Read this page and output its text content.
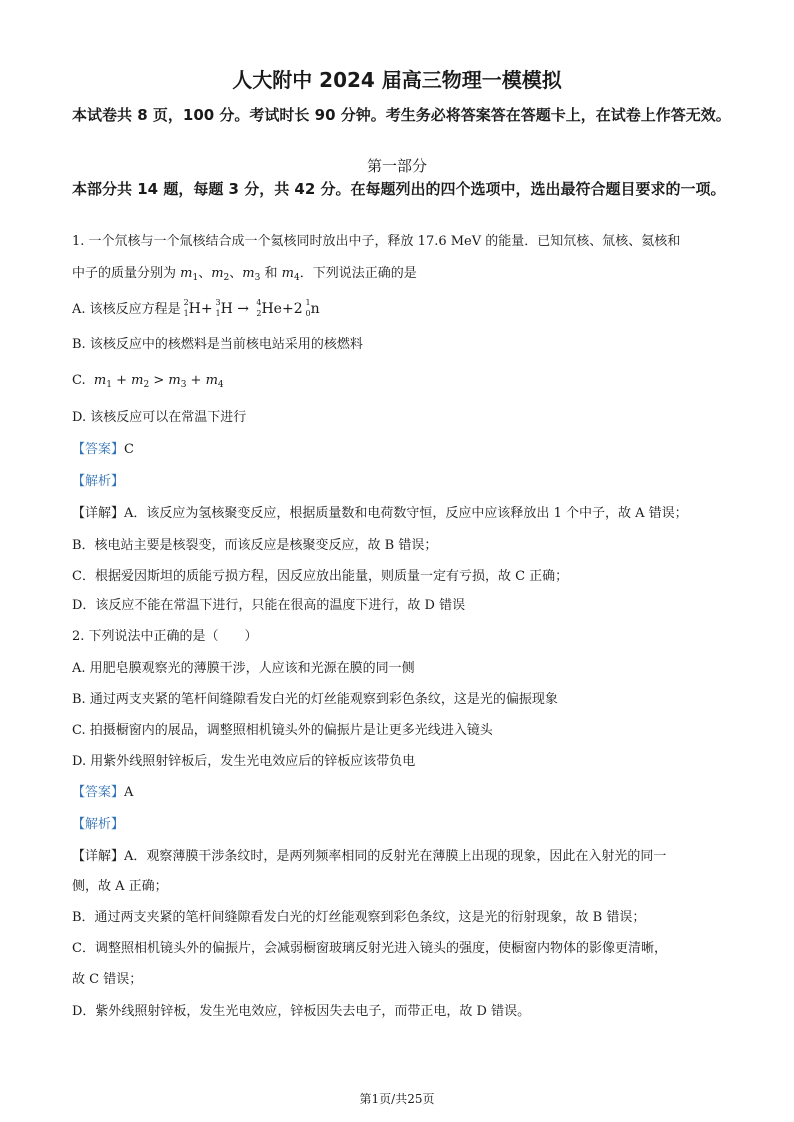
人大附中 2024 届高三物理一模模拟
本试卷共 8 页，100 分。考试时长 90 分钟。考生务必将答案答在答题卡上，在试卷上作答无效。
第一部分
本部分共 14 题，每题 3 分，共 42 分。在每题列出的四个选项中，选出最符合题目要求的一项。
1. 一个氘核与一个氚核结合成一个氦核同时放出中子，释放 17.6 MeV 的能量．已知氘核、氚核、氦核和
中子的质量分别为 $m_1$、$m_2$、$m_3$ 和 $m_4$．下列说法正确的是
A. 该核反应方程是 2
1 H+ 3
1 H → 4
2 He+2 1
0 n
B. 该核反应中的核燃料是当前核电站采用的核燃料
C. $m_1 + m_2 > m_3 + m_4$
D. 该核反应可以在常温下进行
【答案】C
【解析】
【详解】A．该反应为氢核聚变反应，根据质量数和电荷数守恒，反应中应该释放出 1 个中子，故 A 错误；
B．核电站主要是核裂变，而该反应是核聚变反应，故 B 错误；
C．根据爱因斯坦的质能亏损方程，因反应放出能量，则质量一定有亏损，故 C 正确；
D．该反应不能在常温下进行，只能在很高的温度下进行，故 D 错误
2. 下列说法中正确的是（　　）
A. 用肥皂膜观察光的薄膜干涉，人应该和光源在膜的同一侧
B. 通过两支夹紧的笔杆间缝隙看发白光的灯丝能观察到彩色条纹，这是光的偏振现象
C. 拍摄橱窗内的展品，调整照相机镜头外的偏振片是让更多光线进入镜头
D. 用紫外线照射锌板后，发生光电效应后的锌板应该带负电
【答案】A
【解析】
【详解】A．观察薄膜干涉条纹时，是两列频率相同的反射光在薄膜上出现的现象，因此在入射光的同一
侧，故 A 正确；
B．通过两支夹紧的笔杆间缝隙看发白光的灯丝能观察到彩色条纹，这是光的衍射现象，故 B 错误；
C．调整照相机镜头外的偏振片，会减弱橱窗玻璃反射光进入镜头的强度，使橱窗内物体的影像更清晰，
故 C 错误；
D．紫外线照射锌板，发生光电效应，锌板因失去电子，而带正电，故 D 错误。
第1页/共25页
